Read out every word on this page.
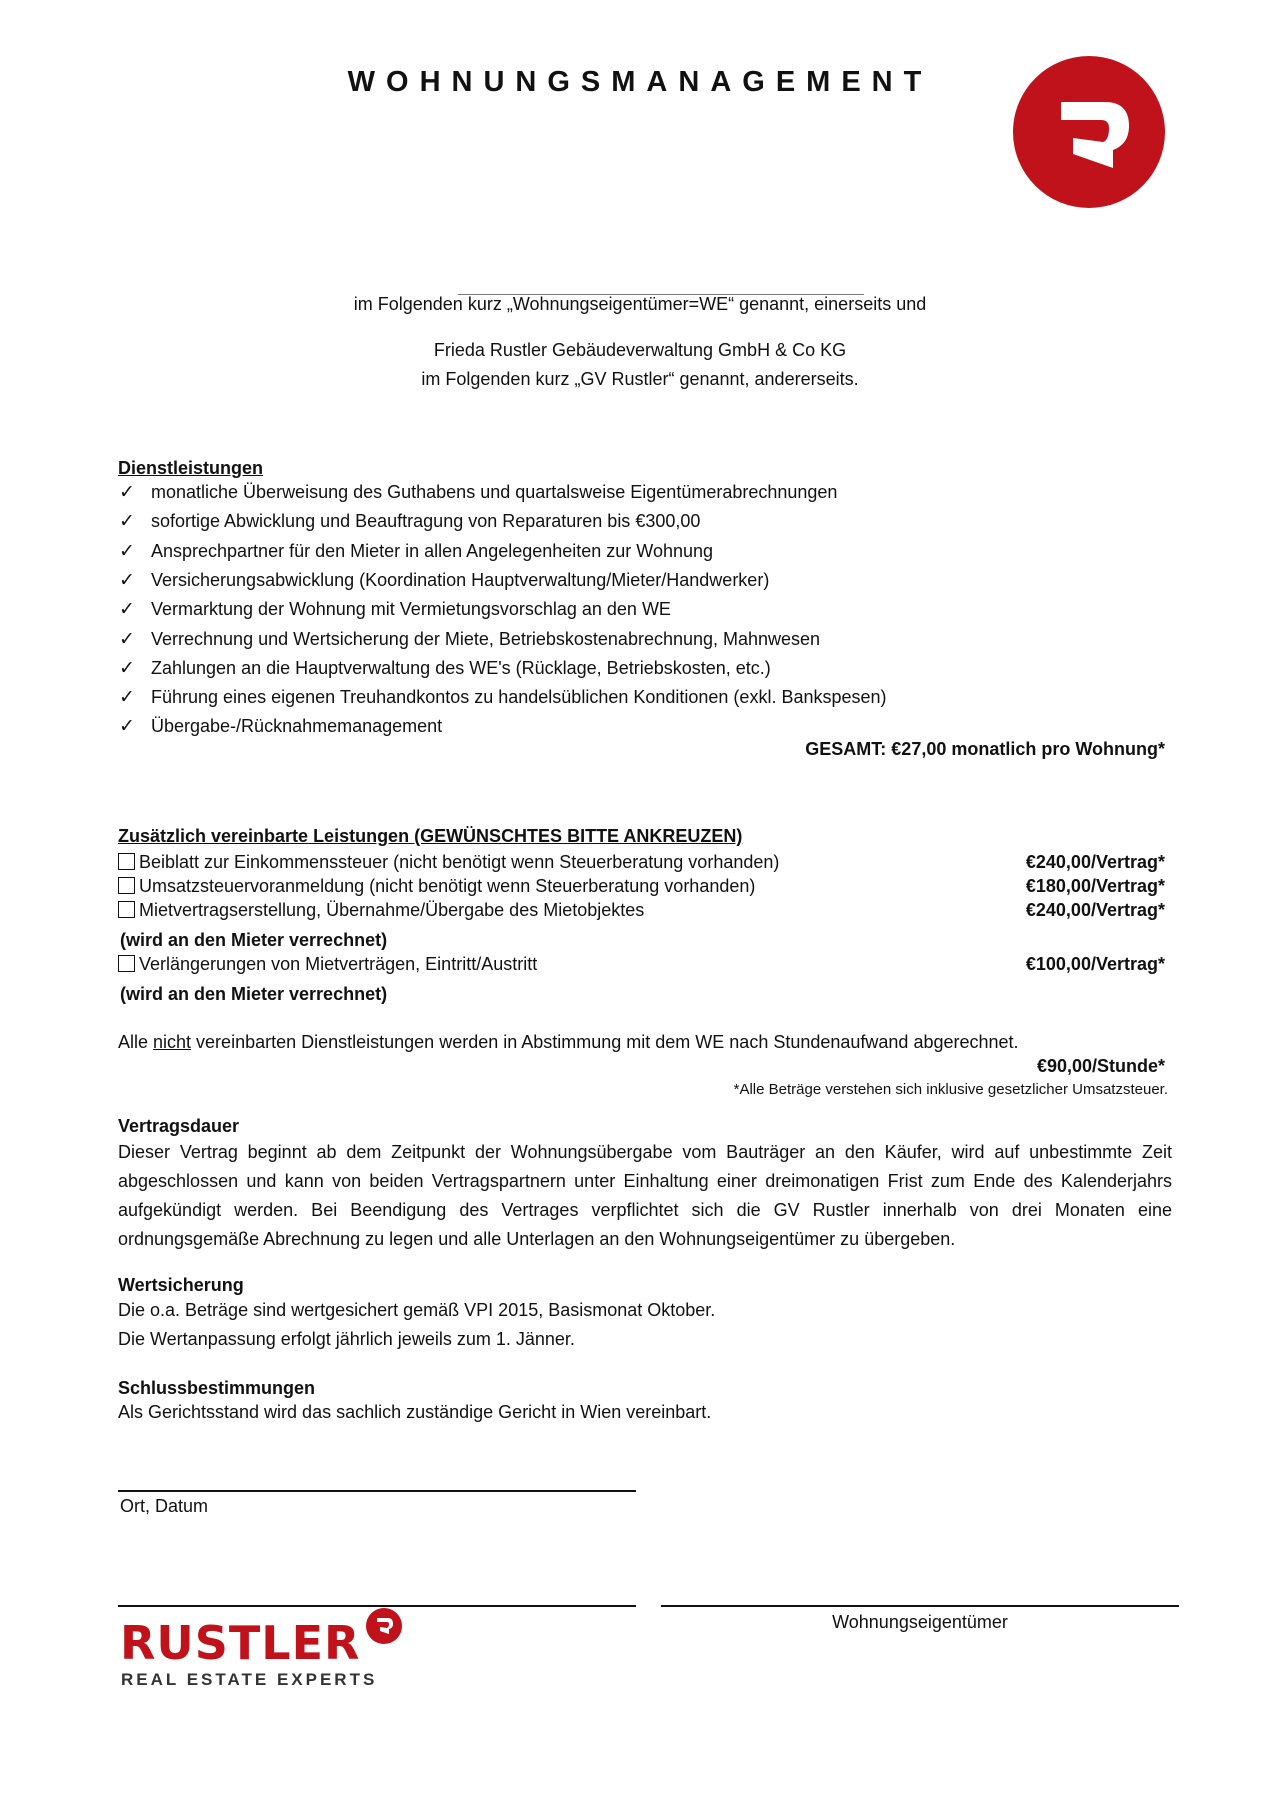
WOHNUNGSMANAGEMENT
im Folgenden kurz „Wohnungseigentümer=WE“ genannt, einerseits und
Frieda Rustler Gebäudeverwaltung GmbH & Co KG
im Folgenden kurz „GV Rustler“ genannt, andererseits.
Dienstleistungen
✓ monatliche Überweisung des Guthabens und quartalsweise Eigentümerabrechnungen
✓ sofortige Abwicklung und Beauftragung von Reparaturen bis €300,00
✓ Ansprechpartner für den Mieter in allen Angelegenheiten zur Wohnung
✓ Versicherungsabwicklung (Koordination Hauptverwaltung/Mieter/Handwerker)
✓ Vermarktung der Wohnung mit Vermietungsvorschlag an den WE
✓ Verrechnung und Wertsicherung der Miete, Betriebskostenabrechnung, Mahnwesen
✓ Zahlungen an die Hauptverwaltung des WE's (Rücklage, Betriebskosten, etc.)
✓ Führung eines eigenen Treuhandkontos zu handelsüblichen Konditionen (exkl. Bankspesen)
✓ Übergabe-/Rücknahmemanagement
GESAMT: €27,00 monatlich pro Wohnung*
Zusätzlich vereinbarte Leistungen (GEWÜNSCHTES BITTE ANKREUZEN)
Beiblatt zur Einkommenssteuer (nicht benötigt wenn Steuerberatung vorhanden)	€240,00/Vertrag*
Umsatzsteuervoranmeldung (nicht benötigt wenn Steuerberatung vorhanden)	€180,00/Vertrag*
Mietvertragserstellung, Übernahme/Übergabe des Mietobjektes	€240,00/Vertrag*
(wird an den Mieter verrechnet)
Verlängerungen von Mietverträgen, Eintritt/Austritt	€100,00/Vertrag*
(wird an den Mieter verrechnet)
Alle nicht vereinbarten Dienstleistungen werden in Abstimmung mit dem WE nach Stundenaufwand abgerechnet.
€90,00/Stunde*
*Alle Beträge verstehen sich inklusive gesetzlicher Umsatzsteuer.
Vertragsdauer
Dieser Vertrag beginnt ab dem Zeitpunkt der Wohnungsübergabe vom Bauträger an den Käufer, wird auf unbestimmte Zeit abgeschlossen und kann von beiden Vertragspartnern unter Einhaltung einer dreimonatigen Frist zum Ende des Kalenderjahrs aufgekündigt werden. Bei Beendigung des Vertrages verpflichtet sich die GV Rustler innerhalb von drei Monaten eine ordnungsgemäße Abrechnung zu legen und alle Unterlagen an den Wohnungseigentümer zu übergeben.
Wertsicherung
Die o.a. Beträge sind wertgesichert gemäß VPI 2015, Basismonat Oktober.
Die Wertanpassung erfolgt jährlich jeweils zum 1. Jänner.
Schlussbestimmungen
Als Gerichtsstand wird das sachlich zuständige Gericht in Wien vereinbart.
Ort, Datum
Wohnungseigentümer
RUSTLER
REAL ESTATE EXPERTS
